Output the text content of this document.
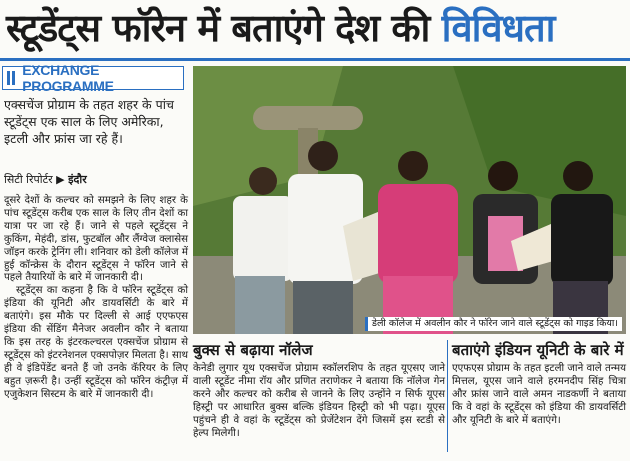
स्टूडेंट्स फॉरेन में बताएंगे देश की विविधता
EXCHANGE PROGRAMME
एक्सचेंज प्रोग्राम के तहत शहर के पांच स्टूडेंट्स एक साल के लिए अमेरिका, इटली और फ्रांस जा रहे हैं।
सिटी रिपोर्टर ▶ इंदौर

दूसरे देशों के कल्चर को समझने के लिए शहर के पांच स्टूडेंट्स करीब एक साल के लिए तीन देशों का यात्रा पर जा रहे हैं। जाने से पहले स्टूडेंट्स ने कुकिंग, मेहंदी, डांस, फुटबॉल और लैंग्वेज क्लासेस जॉइन करके ट्रेनिंग ली। शनिवार को डेली कॉलेज में हुई कॉन्क्रेस के दौरान स्टूडेंट्स ने फॉरेन जाने से पहले तैयारियों के बारे में जानकारी दी।

स्टूडेंट्स का कहना है कि वे फॉरेन स्टूडेंट्स को इंडिया की यूनिटी और डायवर्सिटी के बारे में बताएंगे। इस मौके पर दिल्ली से आई एएफएस इंडिया की सेंडिंग मैनेजर अवलीन कौर ने बताया कि इस तरह के इंटरकल्चरल एक्सचेंज प्रोग्राम से स्टूडेंट्स को इंटरनेशनल एक्सपोज़र मिलता है। साथ ही वे इंडिपेंडेंट बनते हैं जो उनके कॅरियर के लिए बहुत ज़रूरी है। उन्हीं स्टूडेंट्स को फॉरेन कंट्रीज़ में एजुकेशन सिस्टम के बारे में जानकारी दी।

डेली कॉलेज में अवलीन कौर ने फॉरेन जाने वाले स्टूडेंट्स को गाइड किया।
बुक्स से बढ़ाया नॉलेज

केनेडी लुगार यूथ एक्सचेंज प्रोग्राम स्कॉलरशिप के तहत यूएसए जाने वाली स्टूडेंट नीमा रॉय और प्रणित तराणेकर ने बताया कि नॉलेज गेन करने और कल्चर को करीब से जानने के लिए उन्होंने न सिर्फ यूएस हिस्ट्री पर आधारित बुक्स बल्कि इंडियन हिस्ट्री को भी पढ़ा। यूएस पहुंचने ही वे वहां के स्टूडेंट्स को प्रेजेंटेशन देंगे जिसमें इस स्टडी से हेल्प मिलेगी।

बताएंगे इंडियन यूनिटी के बारे में

एएफएस प्रोग्राम के तहत इटली जाने वाले तन्मय मित्तल, यूएस जाने वाले हरमनदीप सिंह चित्रा और फ्रांस जाने वाले अमन नाडकर्णी ने बताया कि वे वहां के स्टूडेंट्स को इंडिया की डायवर्सिटी और यूनिटी के बारे में बताएंगे।
